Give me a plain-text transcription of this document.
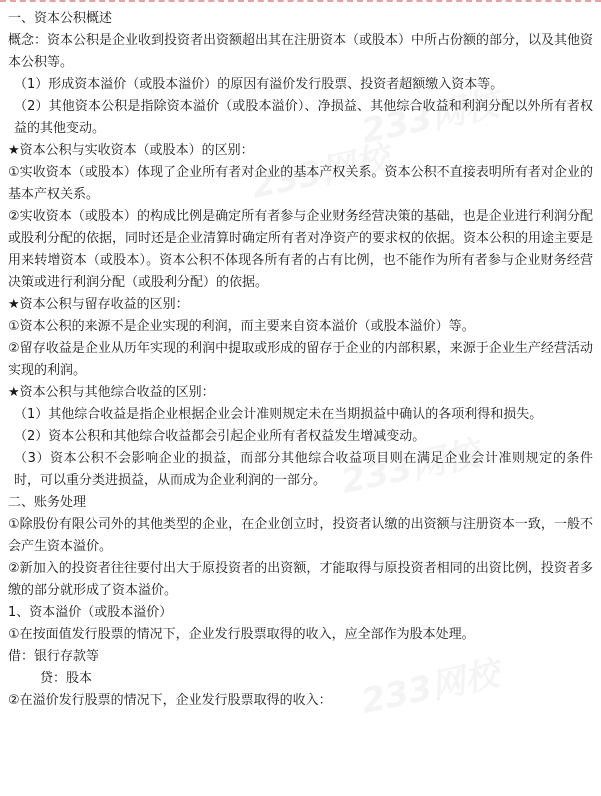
233网校
233网校
233网校
233网校

一、资本公积概述

概念：资本公积是企业收到投资者出资额超出其在注册资本（或股本）中所占份额的部分，以及其他资本公积等。

（1）形成资本溢价（或股本溢价）的原因有溢价发行股票、投资者超额缴入资本等。

（2）其他资本公积是指除资本溢价（或股本溢价）、净损益、其他综合收益和利润分配以外所有者权益的其他变动。

★资本公积与实收资本（或股本）的区别：

①实收资本（或股本）体现了企业所有者对企业的基本产权关系。资本公积不直接表明所有者对企业的基本产权关系。

②实收资本（或股本）的构成比例是确定所有者参与企业财务经营决策的基础，也是企业进行利润分配或股利分配的依据，同时还是企业清算时确定所有者对净资产的要求权的依据。资本公积的用途主要是用来转增资本（或股本）。资本公积不体现各所有者的占有比例，也不能作为所有者参与企业财务经营决策或进行利润分配（或股利分配）的依据。

★资本公积与留存收益的区别：

①资本公积的来源不是企业实现的利润，而主要来自资本溢价（或股本溢价）等。

②留存收益是企业从历年实现的利润中提取或形成的留存于企业的内部积累，来源于企业生产经营活动实现的利润。

★资本公积与其他综合收益的区别：

（1）其他综合收益是指企业根据企业会计准则规定未在当期损益中确认的各项利得和损失。

（2）资本公积和其他综合收益都会引起企业所有者权益发生增减变动。

（3）资本公积不会影响企业的损益，而部分其他综合收益项目则在满足企业会计准则规定的条件时，可以重分类进损益，从而成为企业利润的一部分。

二、账务处理

①除股份有限公司外的其他类型的企业，在企业创立时，投资者认缴的出资额与注册资本一致，一般不会产生资本溢价。

②新加入的投资者往往要付出大于原投资者的出资额，才能取得与原投资者相同的出资比例，投资者多缴的部分就形成了资本溢价。

1、资本溢价（或股本溢价）

①在按面值发行股票的情况下，企业发行股票取得的收入，应全部作为股本处理。

借：银行存款等

贷：股本

②在溢价发行股票的情况下，企业发行股票取得的收入：
